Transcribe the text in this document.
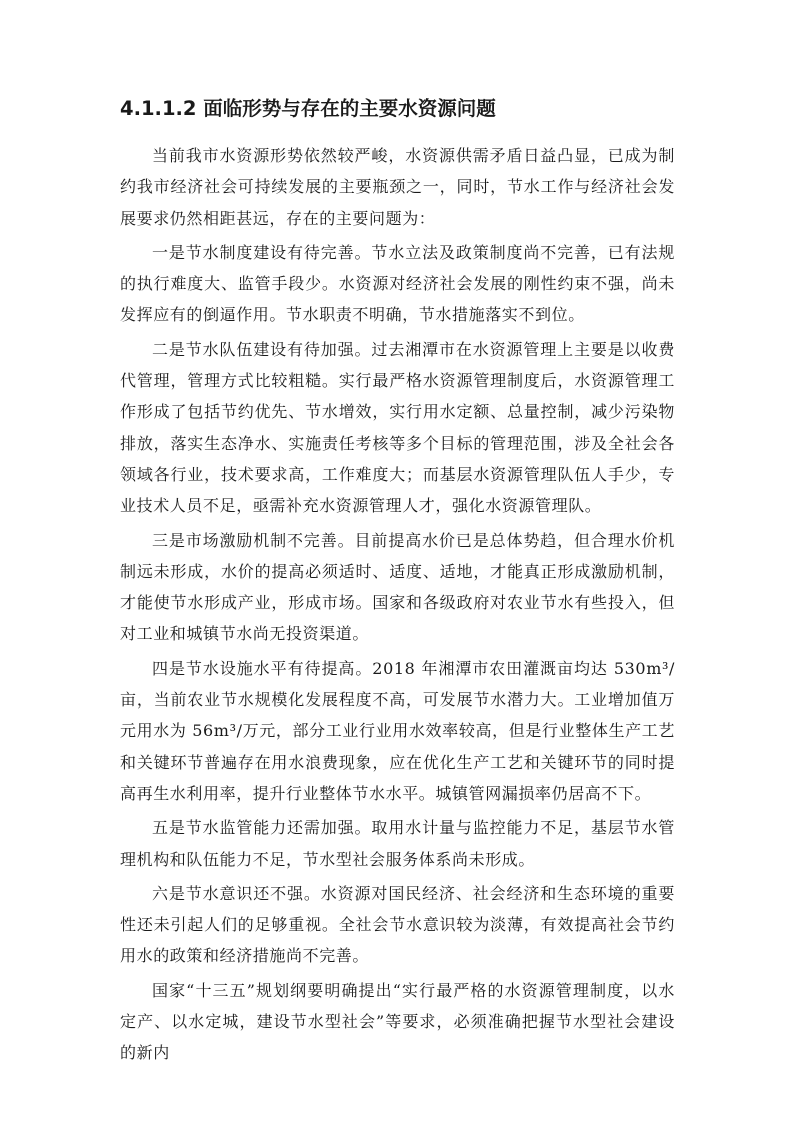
4.1.1.2 面临形势与存在的主要水资源问题

当前我市水资源形势依然较严峻，水资源供需矛盾日益凸显，已成为制约我市经济社会可持续发展的主要瓶颈之一，同时，节水工作与经济社会发展要求仍然相距甚远，存在的主要问题为：

一是节水制度建设有待完善。节水立法及政策制度尚不完善，已有法规的执行难度大、监管手段少。水资源对经济社会发展的刚性约束不强，尚未发挥应有的倒逼作用。节水职责不明确，节水措施落实不到位。

二是节水队伍建设有待加强。过去湘潭市在水资源管理上主要是以收费代管理，管理方式比较粗糙。实行最严格水资源管理制度后，水资源管理工作形成了包括节约优先、节水增效，实行用水定额、总量控制，减少污染物排放，落实生态净水、实施责任考核等多个目标的管理范围，涉及全社会各领域各行业，技术要求高，工作难度大；而基层水资源管理队伍人手少，专业技术人员不足，亟需补充水资源管理人才，强化水资源管理队。

三是市场激励机制不完善。目前提高水价已是总体势趋，但合理水价机制远未形成，水价的提高必须适时、适度、适地，才能真正形成激励机制，才能使节水形成产业，形成市场。国家和各级政府对农业节水有些投入，但对工业和城镇节水尚无投资渠道。

四是节水设施水平有待提高。2018 年湘潭市农田灌溉亩均达 530m³/亩，当前农业节水规模化发展程度不高，可发展节水潜力大。工业增加值万元用水为 56m³/万元，部分工业行业用水效率较高，但是行业整体生产工艺和关键环节普遍存在用水浪费现象，应在优化生产工艺和关键环节的同时提高再生水利用率，提升行业整体节水水平。城镇管网漏损率仍居高不下。

五是节水监管能力还需加强。取用水计量与监控能力不足，基层节水管理机构和队伍能力不足，节水型社会服务体系尚未形成。

六是节水意识还不强。水资源对国民经济、社会经济和生态环境的重要性还未引起人们的足够重视。全社会节水意识较为淡薄，有效提高社会节约用水的政策和经济措施尚不完善。

国家“十三五”规划纲要明确提出“实行最严格的水资源管理制度，以水定产、以水定城，建设节水型社会”等要求，必须准确把握节水型社会建设的新内
